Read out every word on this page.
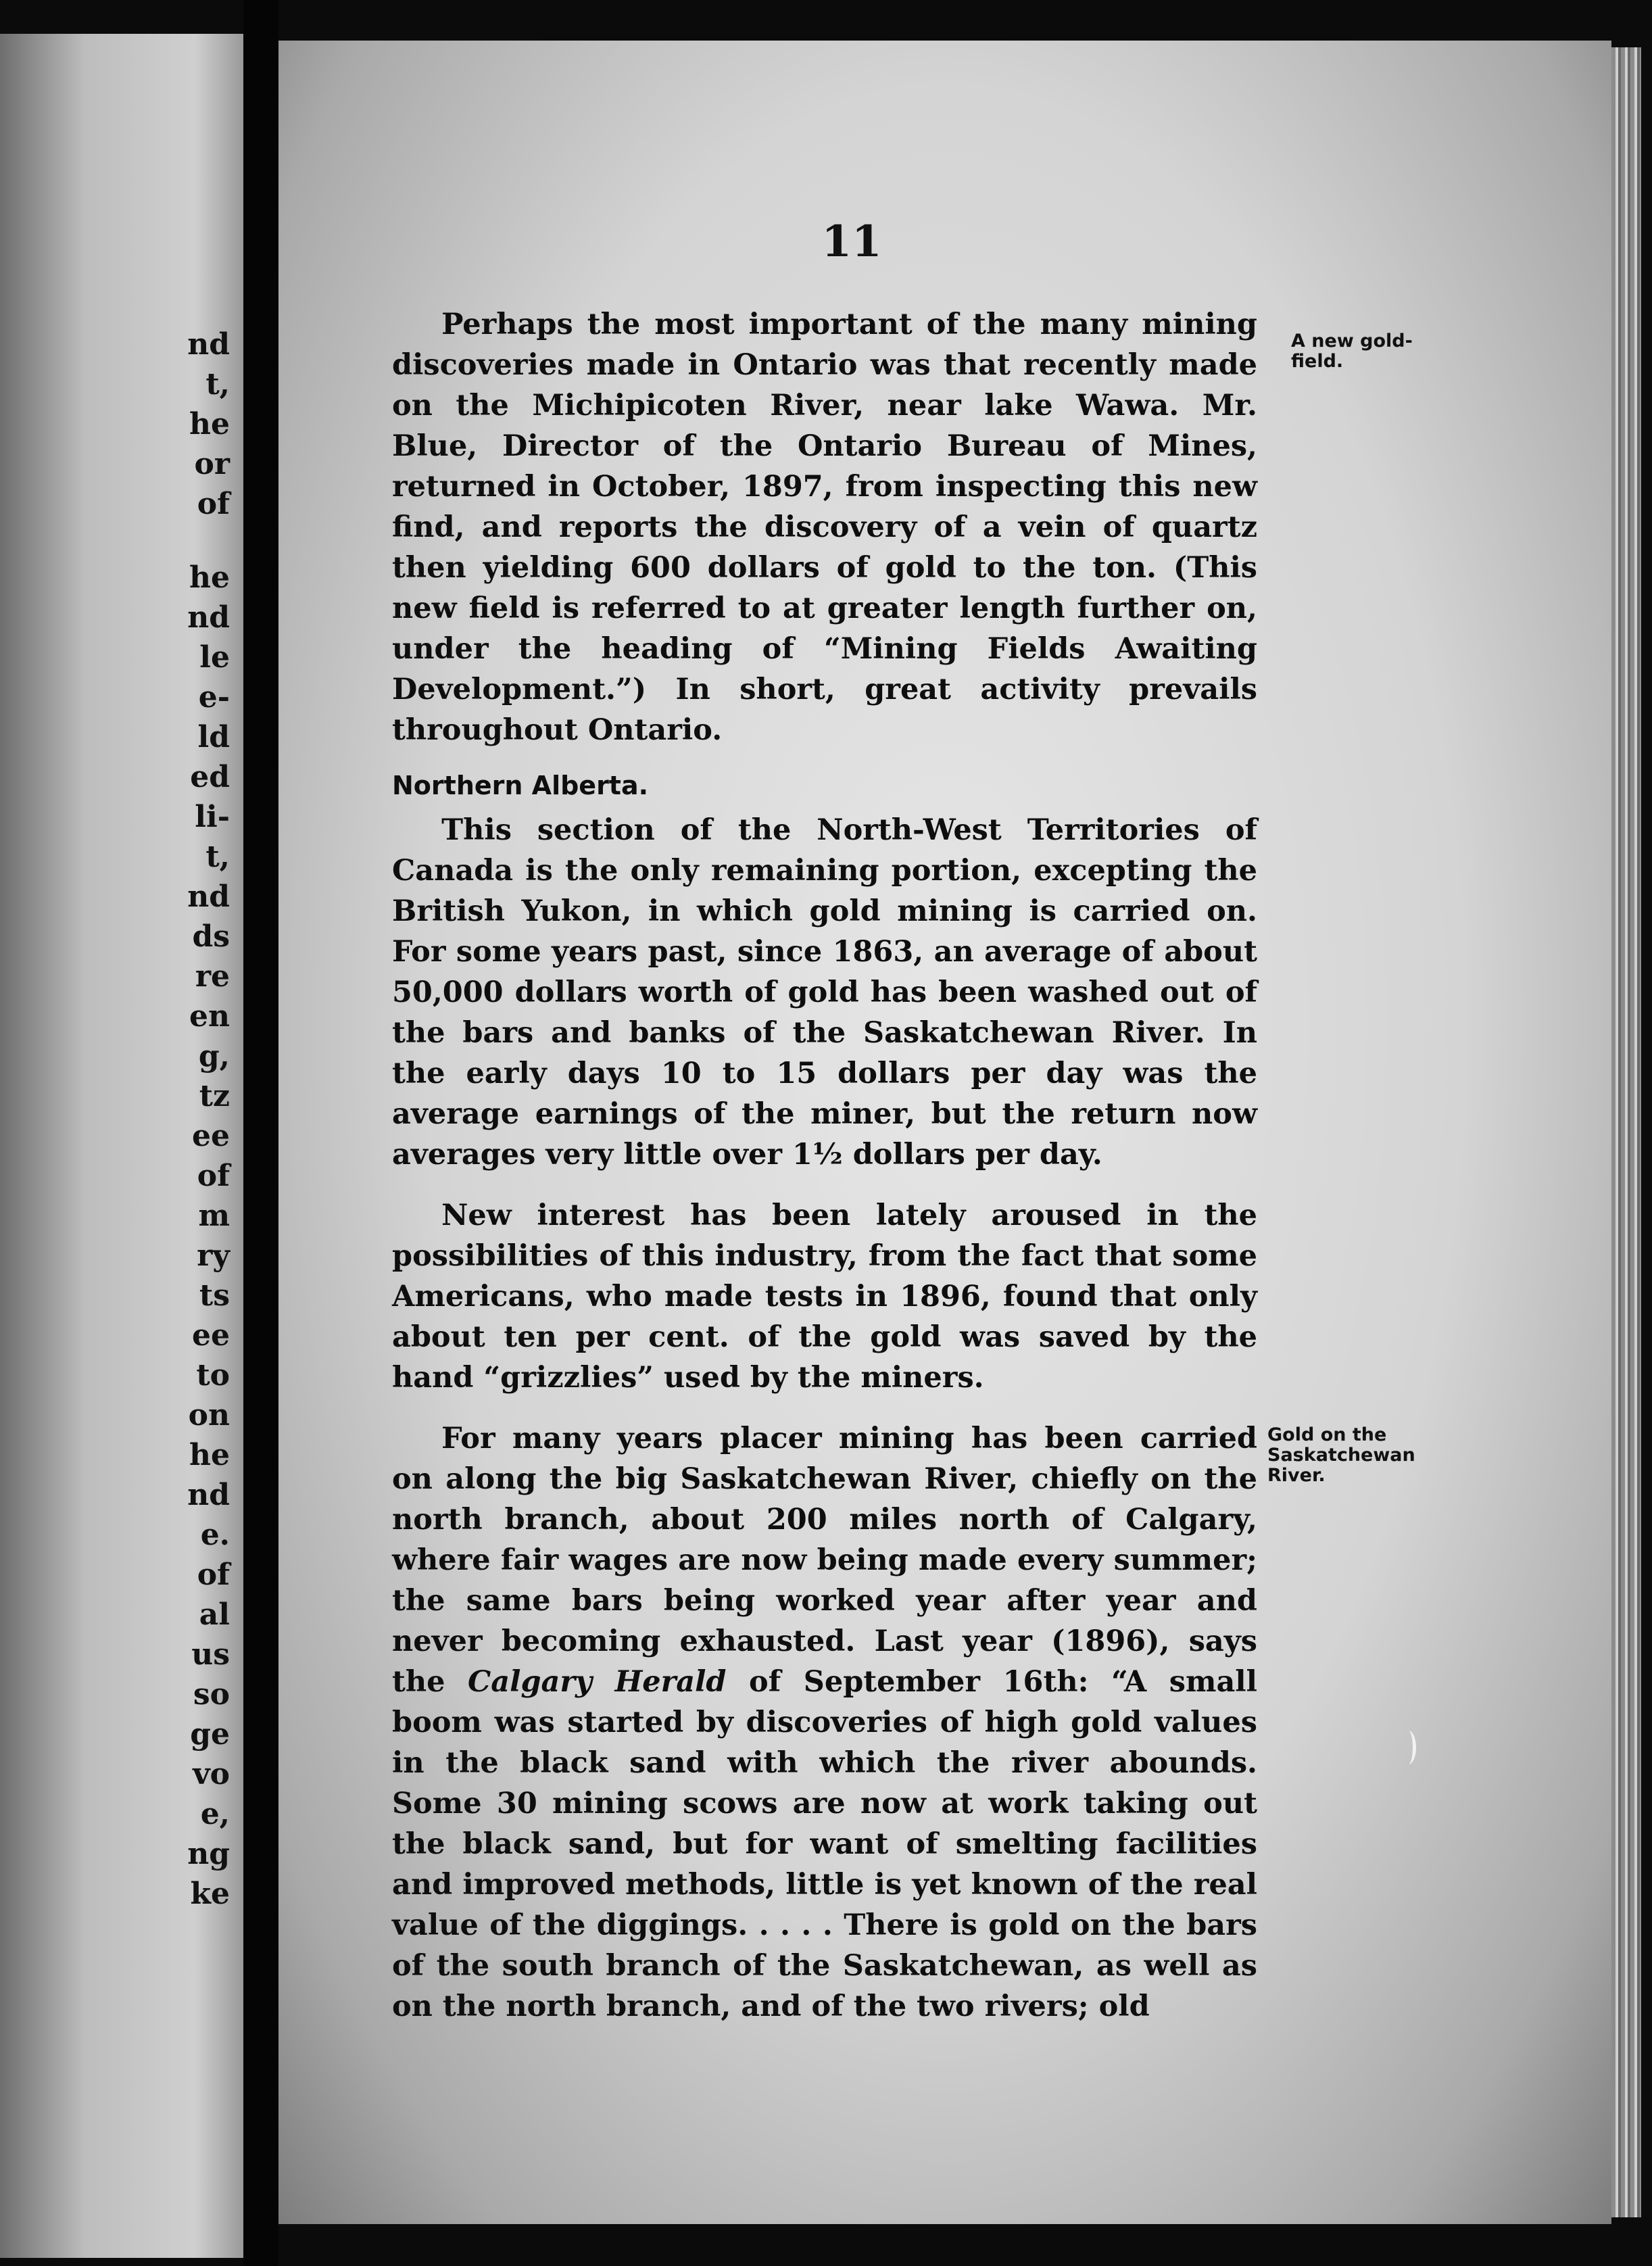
nd
t,
he
or
of
he
nd
le
e-
ld
ed
li-
t,
nd
ds
re
en
g,
tz
ee
of
m
ry
ts
ee
to
on
he
nd
e.
of
al
us
so
ge
vo
e,
ng
ke
11

Perhaps the most important of the many mining discoveries made in Ontario was that recently made on the Michipicoten River, near lake Wawa. Mr. Blue, Director of the Ontario Bureau of Mines, returned in October, 1897, from inspecting this new find, and reports the discovery of a vein of quartz then yielding 600 dollars of gold to the ton. (This new field is referred to at greater length further on, under the heading of “Mining Fields Awaiting Development.”) In short, great activity prevails throughout Ontario.

Northern Alberta.

This section of the North-West Territories of Canada is the only remaining portion, excepting the British Yukon, in which gold mining is carried on. For some years past, since 1863, an average of about 50,000 dollars worth of gold has been washed out of the bars and banks of the Saskatchewan River. In the early days 10 to 15 dollars per day was the average earnings of the miner, but the return now averages very little over 1½ dollars per day.

New interest has been lately aroused in the possibilities of this industry, from the fact that some Americans, who made tests in 1896, found that only about ten per cent. of the gold was saved by the hand “grizzlies” used by the miners.

For many years placer mining has been carried on along the big Saskatchewan River, chiefly on the north branch, about 200 miles north of Calgary, where fair wages are now being made every summer; the same bars being worked year after year and never becoming exhausted. Last year (1896), says the Calgary Herald of September 16th: “A small boom was started by discoveries of high gold values in the black sand with which the river abounds. Some 30 mining scows are now at work taking out the black sand, but for want of smelting facilities and improved methods, little is yet known of the real value of the diggings. . . . . There is gold on the bars of the south branch of the Saskatchewan, as well as on the north branch, and of the two rivers; old

A new gold-field.
Gold on the Saskatchewan River.
